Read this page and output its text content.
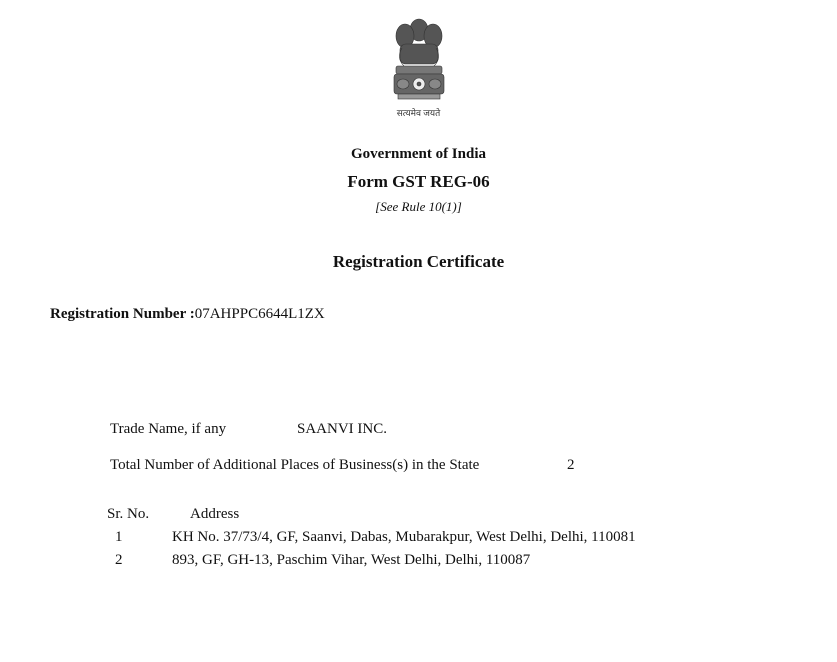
सत्यमेव जयते
Government of India
Form GST REG-06
[See Rule 10(1)]
Registration Certificate
Registration Number :07AHPPC6644L1ZX
Trade Name, if any	SAANVI INC.
Total Number of Additional Places of Business(s) in the State	2
Sr. No.	Address
1	KH No. 37/73/4, GF, Saanvi, Dabas, Mubarakpur, West Delhi, Delhi, 110081
2	893, GF, GH-13, Paschim Vihar, West Delhi, Delhi, 110087
